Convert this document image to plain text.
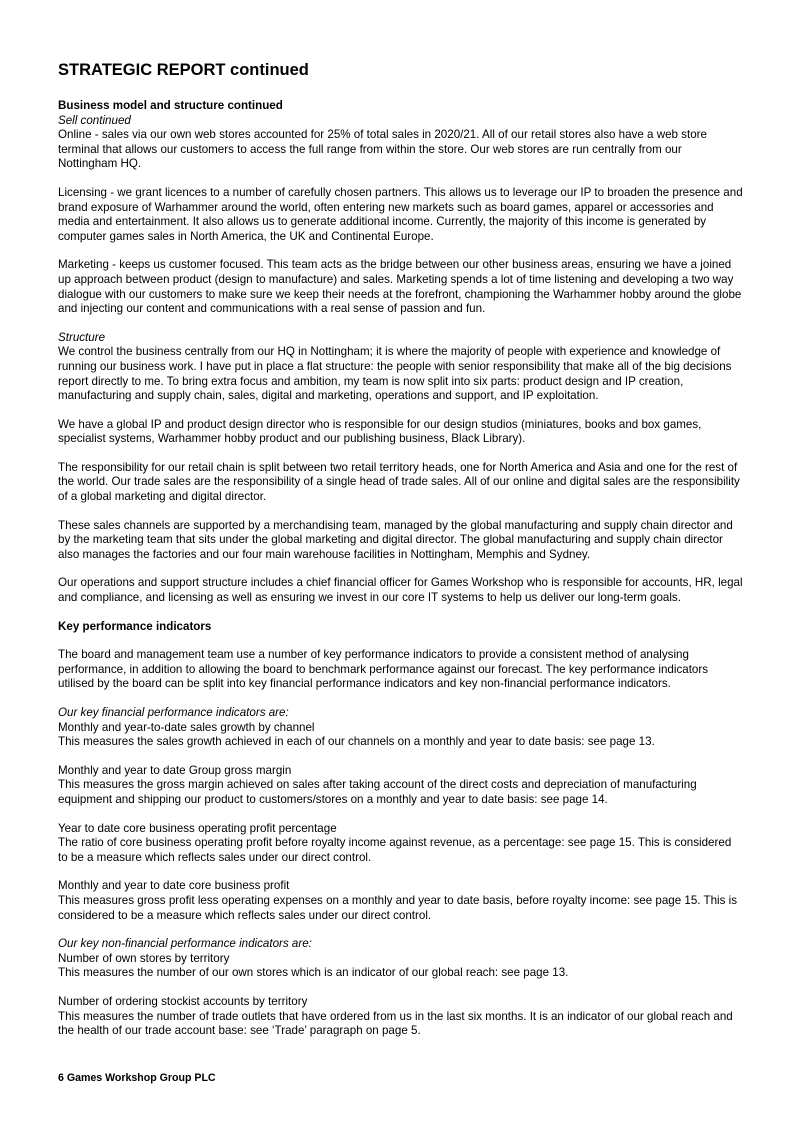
STRATEGIC REPORT continued
Business model and structure continued
Sell continued
Online - sales via our own web stores accounted for 25% of total sales in 2020/21. All of our retail stores also have a web store terminal that allows our customers to access the full range from within the store. Our web stores are run centrally from our Nottingham HQ.
Licensing - we grant licences to a number of carefully chosen partners. This allows us to leverage our IP to broaden the presence and brand exposure of Warhammer around the world, often entering new markets such as board games, apparel or accessories and media and entertainment. It also allows us to generate additional income. Currently, the majority of this income is generated by computer games sales in North America, the UK and Continental Europe.
Marketing - keeps us customer focused. This team acts as the bridge between our other business areas, ensuring we have a joined up approach between product (design to manufacture) and sales. Marketing spends a lot of time listening and developing a two way dialogue with our customers to make sure we keep their needs at the forefront, championing the Warhammer hobby around the globe and injecting our content and communications with a real sense of passion and fun.
Structure
We control the business centrally from our HQ in Nottingham; it is where the majority of people with experience and knowledge of running our business work. I have put in place a flat structure: the people with senior responsibility that make all of the big decisions report directly to me. To bring extra focus and ambition, my team is now split into six parts: product design and IP creation, manufacturing and supply chain, sales, digital and marketing, operations and support, and IP exploitation.
We have a global IP and product design director who is responsible for our design studios (miniatures, books and box games, specialist systems, Warhammer hobby product and our publishing business, Black Library).
The responsibility for our retail chain is split between two retail territory heads, one for North America and Asia and one for the rest of the world. Our trade sales are the responsibility of a single head of trade sales. All of our online and digital sales are the responsibility of a global marketing and digital director.
These sales channels are supported by a merchandising team, managed by the global manufacturing and supply chain director and by the marketing team that sits under the global marketing and digital director. The global manufacturing and supply chain director also manages the factories and our four main warehouse facilities in Nottingham, Memphis and Sydney.
Our operations and support structure includes a chief financial officer for Games Workshop who is responsible for accounts, HR, legal and compliance, and licensing as well as ensuring we invest in our core IT systems to help us deliver our long-term goals.
Key performance indicators
The board and management team use a number of key performance indicators to provide a consistent method of analysing performance, in addition to allowing the board to benchmark performance against our forecast. The key performance indicators utilised by the board can be split into key financial performance indicators and key non-financial performance indicators.
Our key financial performance indicators are:
Monthly and year-to-date sales growth by channel
This measures the sales growth achieved in each of our channels on a monthly and year to date basis: see page 13.
Monthly and year to date Group gross margin
This measures the gross margin achieved on sales after taking account of the direct costs and depreciation of manufacturing equipment and shipping our product to customers/stores on a monthly and year to date basis: see page 14.
Year to date core business operating profit percentage
The ratio of core business operating profit before royalty income against revenue, as a percentage: see page 15. This is considered to be a measure which reflects sales under our direct control.
Monthly and year to date core business profit
This measures gross profit less operating expenses on a monthly and year to date basis, before royalty income: see page 15. This is considered to be a measure which reflects sales under our direct control.
Our key non-financial performance indicators are:
Number of own stores by territory
This measures the number of our own stores which is an indicator of our global reach: see page 13.
Number of ordering stockist accounts by territory
This measures the number of trade outlets that have ordered from us in the last six months. It is an indicator of our global reach and the health of our trade account base: see ‘Trade’ paragraph on page 5.
6 Games Workshop Group PLC
